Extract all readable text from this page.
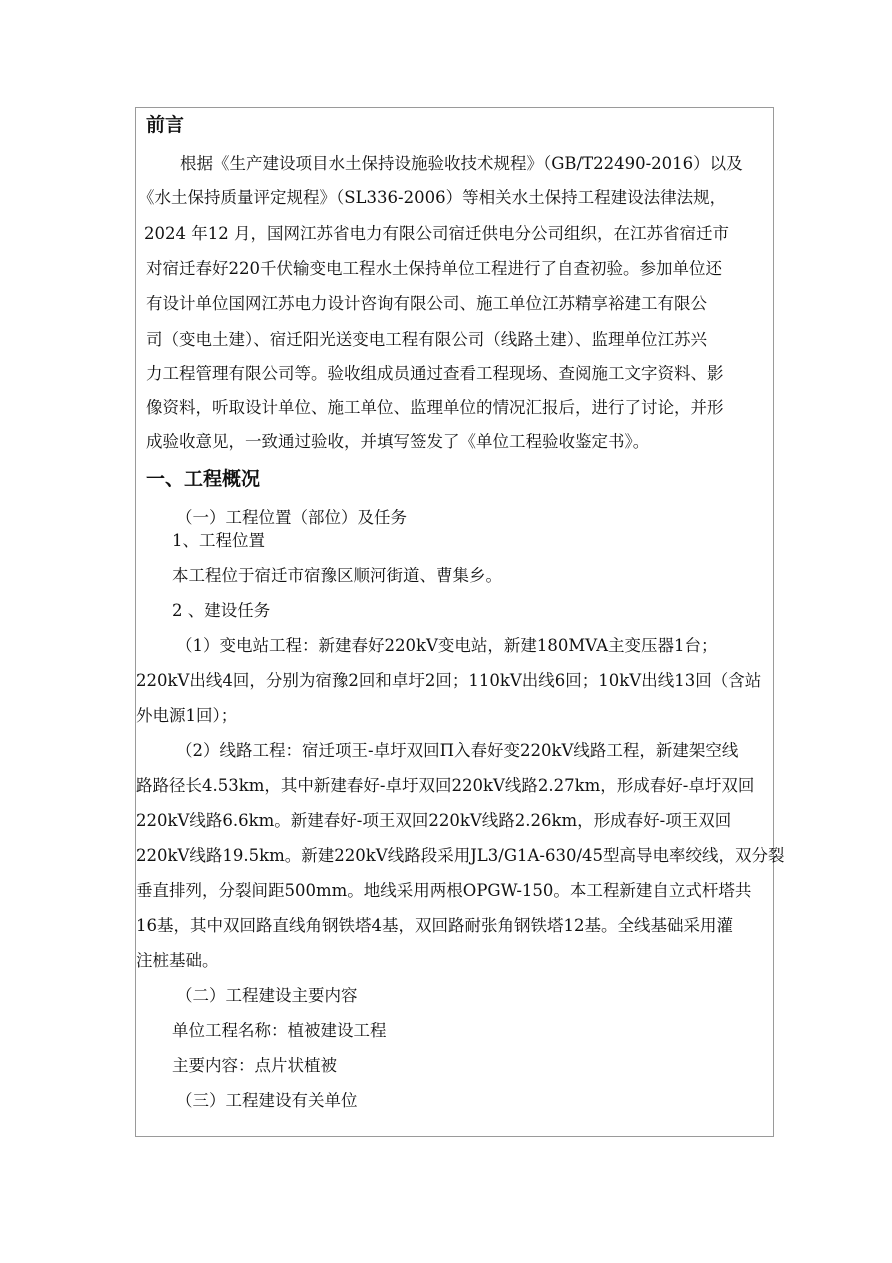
前言
根据《生产建设项目水土保持设施验收技术规程》（GB/T22490-2016）以及
《水土保持质量评定规程》（SL336-2006）等相关水土保持工程建设法律法规，
2024 年12 月，国网江苏省电力有限公司宿迁供电分公司组织，在江苏省宿迁市
对宿迁春好220千伏输变电工程水土保持单位工程进行了自查初验。参加单位还
有设计单位国网江苏电力设计咨询有限公司、施工单位江苏精享裕建工有限公
司（变电土建）、宿迁阳光送变电工程有限公司（线路土建）、监理单位江苏兴
力工程管理有限公司等。验收组成员通过查看工程现场、查阅施工文字资料、影
像资料，听取设计单位、施工单位、监理单位的情况汇报后，进行了讨论，并形
成验收意见，一致通过验收，并填写签发了《单位工程验收鉴定书》。
一、工程概况
（一）工程位置（部位）及任务
1、工程位置
本工程位于宿迁市宿豫区顺河街道、曹集乡。
2 、建设任务
（1）变电站工程：新建春好220kV变电站，新建180MVA主变压器1台；
220kV出线4回，分别为宿豫2回和卓圩2回；110kV出线6回；10kV出线13回（含站
外电源1回）；
（2）线路工程：宿迁项王-卓圩双回Π入春好变220kV线路工程，新建架空线
路路径长4.53km，其中新建春好-卓圩双回220kV线路2.27km，形成春好-卓圩双回
220kV线路6.6km。新建春好-项王双回220kV线路2.26km，形成春好-项王双回
220kV线路19.5km。新建220kV线路段采用JL3/G1A-630/45型高导电率绞线，双分裂
垂直排列，分裂间距500mm。地线采用两根OPGW-150。本工程新建自立式杆塔共
16基，其中双回路直线角钢铁塔4基，双回路耐张角钢铁塔12基。全线基础采用灌
注桩基础。
（二）工程建设主要内容
单位工程名称：植被建设工程
主要内容：点片状植被
（三）工程建设有关单位
